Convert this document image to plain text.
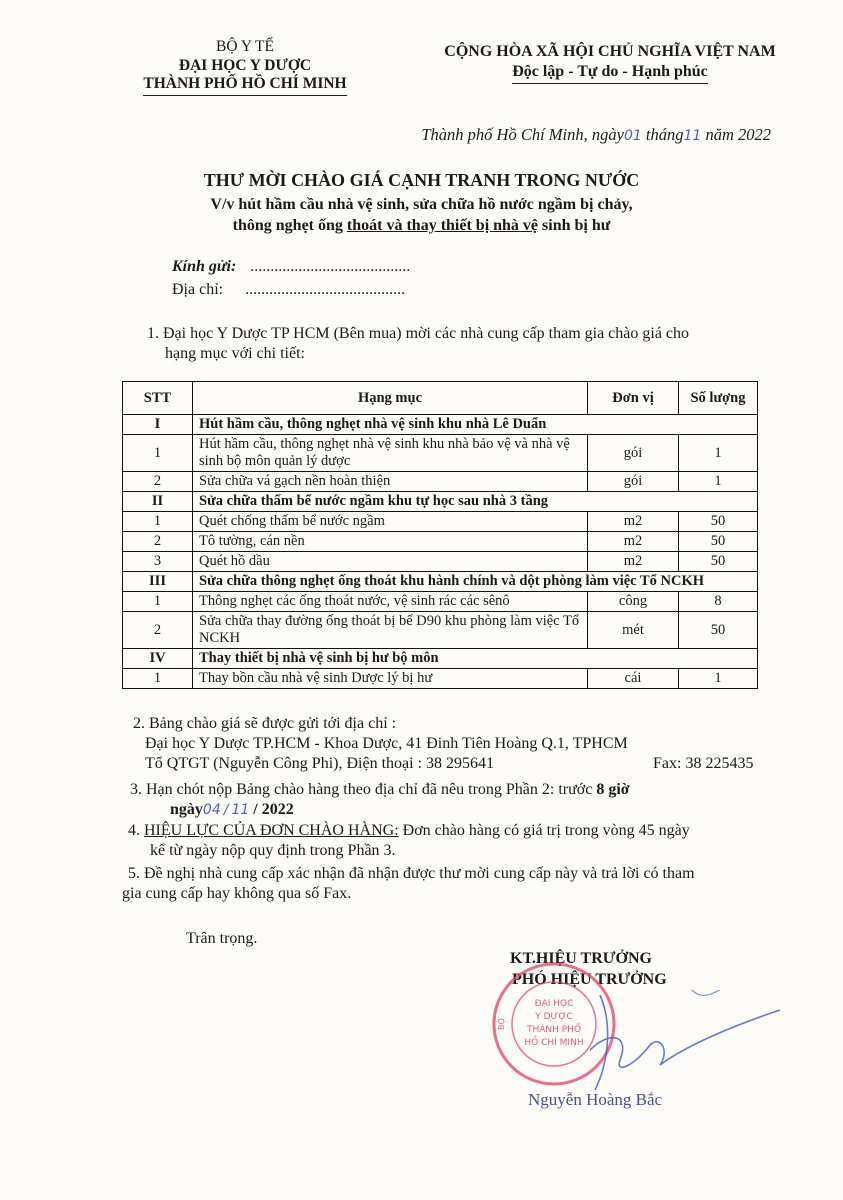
BỘ Y TẾ
ĐẠI HỌC Y DƯỢC
THÀNH PHỐ HỒ CHÍ MINH
CỘNG HÒA XÃ HỘI CHỦ NGHĨA VIỆT NAM
Độc lập - Tự do - Hạnh phúc
Thành phố Hồ Chí Minh, ngày01 tháng11 năm 2022
THƯ MỜI CHÀO GIÁ CẠNH TRANH TRONG NƯỚC
V/v hút hầm cầu nhà vệ sinh, sửa chữa hồ nước ngầm bị chảy,
thông nghẹt ống thoát và thay thiết bị nhà vệ sinh bị hư
Kính gửi: ........................................
Địa chỉ: ........................................
1. Đại học Y Dược TP HCM (Bên mua) mời các nhà cung cấp tham gia chào giá cho
hạng mục với chi tiết:
STT	Hạng mục	Đơn vị	Số lượng
I	Hút hầm cầu, thông nghẹt nhà vệ sinh khu nhà Lê Duẩn		
1	Hút hầm cầu, thông nghẹt nhà vệ sinh khu nhà bảo vệ và nhà vệ sinh bộ môn quản lý dược	gói	1
2	Sửa chữa vá gạch nền hoàn thiện	gói	1
II	Sửa chữa thấm bể nước ngầm khu tự học sau nhà 3 tầng		
1	Quét chống thấm bể nước ngầm	m2	50
2	Tô tường, cán nền	m2	50
3	Quét hồ dầu	m2	50
III	Sửa chữa thông nghẹt ống thoát khu hành chính và dột phòng làm việc Tổ NCKH		
1	Thông nghẹt các ống thoát nước, vệ sinh rác các sênô	công	8
2	Sửa chữa thay đường ống thoát bị bể D90 khu phòng làm việc Tổ NCKH	mét	50
IV	Thay thiết bị nhà vệ sinh bị hư bộ môn		
1	Thay bồn cầu nhà vệ sinh Dược lý bị hư	cái	1
2. Bảng chào giá sẽ được gửi tới địa chỉ :
Đại học Y Dược TP.HCM - Khoa Dược, 41 Đinh Tiên Hoàng Q.1, TPHCM
Tổ QTGT (Nguyễn Công Phi), Điện thoại : 38 295641	Fax: 38 225435
3. Hạn chót nộp Bảng chào hàng theo địa chỉ đã nêu trong Phần 2: trước 8 giờ
ngày04 / 11 / 2022
4. HIỆU LỰC CỦA ĐƠN CHÀO HÀNG: Đơn chào hàng có giá trị trong vòng 45 ngày
kể từ ngày nộp quy định trong Phần 3.
5. Đề nghị nhà cung cấp xác nhận đã nhận được thư mời cung cấp này và trả lời có tham
gia cung cấp hay không qua số Fax.
Trân trọng.
KT.HIỆU TRƯỞNG
PHÓ HIỆU TRƯỞNG
ĐẠI HỌC
Y DƯỢC
THÀNH PHỐ
HỒ CHÍ MINH
BỘ
Nguyễn Hoàng Bắc
